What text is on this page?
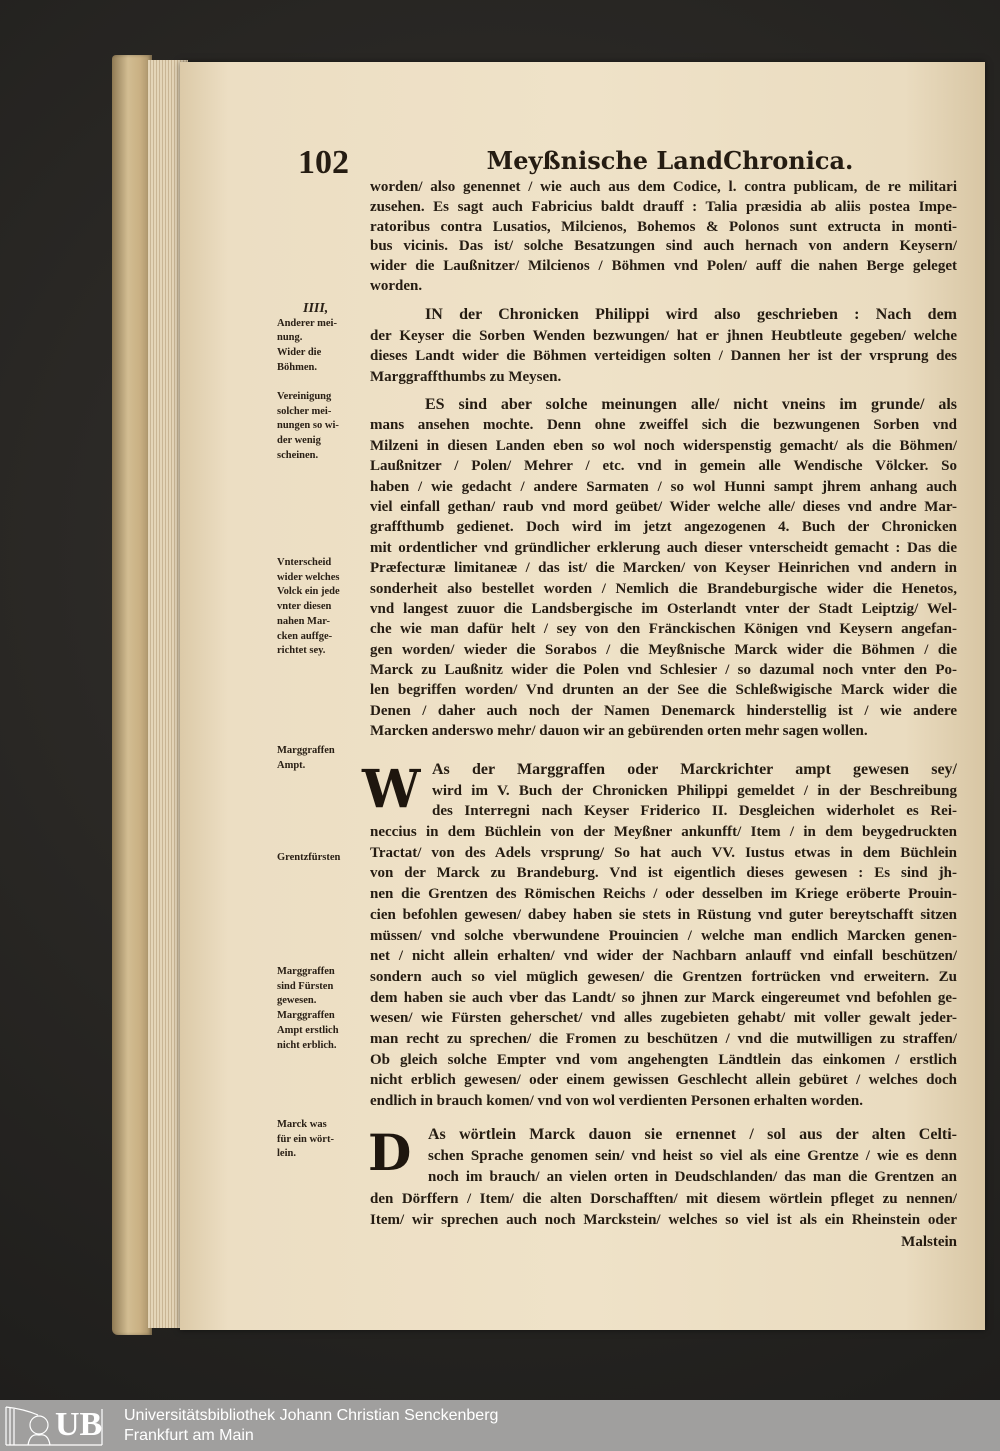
102	Meyßnische LandChronica.
worden/ also genennet / wie auch aus dem Codice, l. contra publicam, de re militari
zusehen. Es sagt auch Fabricius baldt drauff : Talia præsidia ab aliis postea Impe-
ratoribus contra Lusatios, Milcienos, Bohemos & Polonos sunt extructa in monti-
bus vicinis. Das ist/ solche Besatzungen sind auch hernach von andern Keysern/
wider die Laußnitzer/ Milcienos / Böhmen vnd Polen/ auff die nahen Berge geleget
worden.
IN der Chronicken Philippi wird also geschrieben : Nach dem
der Keyser die Sorben Wenden bezwungen/ hat er jhnen Heubtleute gegeben/ welche
dieses Landt wider die Böhmen verteidigen solten / Dannen her ist der vrsprung des
Marggraffthumbs zu Meysen.
ES sind aber solche meinungen alle/ nicht vneins im grunde/ als
mans ansehen mochte. Denn ohne zweiffel sich die bezwungenen Sorben vnd
Milzeni in diesen Landen eben so wol noch widerspenstig gemacht/ als die Böhmen/
Laußnitzer / Polen/ Mehrer / etc. vnd in gemein alle Wendische Völcker. So
haben / wie gedacht / andere Sarmaten / so wol Hunni sampt jhrem anhang auch
viel einfall gethan/ raub vnd mord geübet/ Wider welche alle/ dieses vnd andre Mar-
graffthumb gedienet. Doch wird im jetzt angezogenen 4. Buch der Chronicken
mit ordentlicher vnd gründlicher erklerung auch dieser vnterscheidt gemacht : Das die
Præfecturæ limitaneæ / das ist/ die Marcken/ von Keyser Heinrichen vnd andern in
sonderheit also bestellet worden / Nemlich die Brandeburgische wider die Henetos,
vnd langest zuuor die Landsbergische im Osterlandt vnter der Stadt Leiptzig/ Wel-
che wie man dafür helt / sey von den Fränckischen Königen vnd Keysern angefan-
gen worden/ wieder die Sorabos / die Meyßnische Marck wider die Böhmen / die
Marck zu Laußnitz wider die Polen vnd Schlesier / so dazumal noch vnter den Po-
len begriffen worden/ Vnd drunten an der See die Schleßwigische Marck wider die
Denen / daher auch noch der Namen Denemarck hinderstellig ist / wie andere
Marcken anderswo mehr/ dauon wir an gebürenden orten mehr sagen wollen.
As der Marggraffen oder Marckrichter ampt gewesen sey/
wird im V. Buch der Chronicken Philippi gemeldet / in der Beschreibung
des Interregni nach Keyser Friderico II. Desgleichen widerholet es Rei-
neccius in dem Büchlein von der Meyßner ankunfft/ Item / in dem beygedruckten
Tractat/ von des Adels vrsprung/ So hat auch VV. Iustus etwas in dem Büchlein
von der Marck zu Brandeburg. Vnd ist eigentlich dieses gewesen : Es sind jh-
nen die Grentzen des Römischen Reichs / oder desselben im Kriege eröberte Prouin-
cien befohlen gewesen/ dabey haben sie stets in Rüstung vnd guter bereytschafft sitzen
müssen/ vnd solche vberwundene Prouincien / welche man endlich Marcken genen-
net / nicht allein erhalten/ vnd wider der Nachbarn anlauff vnd einfall beschützen/
sondern auch so viel müglich gewesen/ die Grentzen fortrücken vnd erweitern. Zu
dem haben sie auch vber das Landt/ so jhnen zur Marck eingereumet vnd befohlen ge-
wesen/ wie Fürsten geherschet/ vnd alles zugebieten gehabt/ mit voller gewalt jeder-
man recht zu sprechen/ die Fromen zu beschützen / vnd die mutwilligen zu straffen/
Ob gleich solche Empter vnd vom angehengten Ländtlein das einkomen / erstlich
nicht erblich gewesen/ oder einem gewissen Geschlecht allein gebüret / welches doch
endlich in brauch komen/ vnd von wol verdienten Personen erhalten worden.
As wörtlein Marck dauon sie ernennet / sol aus der alten Celti-
schen Sprache genomen sein/ vnd heist so viel als eine Grentze / wie es denn
noch im brauch/ an vielen orten in Deudschlanden/ das man die Grentzen an
den Dörffern / Item/ die alten Dorschafften/ mit diesem wörtlein pfleget zu nennen/
Item/ wir sprechen auch noch Marckstein/ welches so viel ist als ein Rheinstein oder
Malstein
W
D
IIII,
Anderer mei-
nung.
Wider die
Böhmen.
Vereinigung
solcher mei-
nungen so wi-
der wenig
scheinen.
Vnterscheid
wider welches
Volck ein jede
vnter diesen
nahen Mar-
cken auffge-
richtet sey.
Marggraffen
Ampt.
Grentzfürsten
Marggraffen
sind Fürsten
gewesen.
Marggraffen
Ampt erstlich
nicht erblich.
Marck was
für ein wört-
lein.
UB Universitätsbibliothek Johann Christian Senckenberg
Frankfurt am Main
